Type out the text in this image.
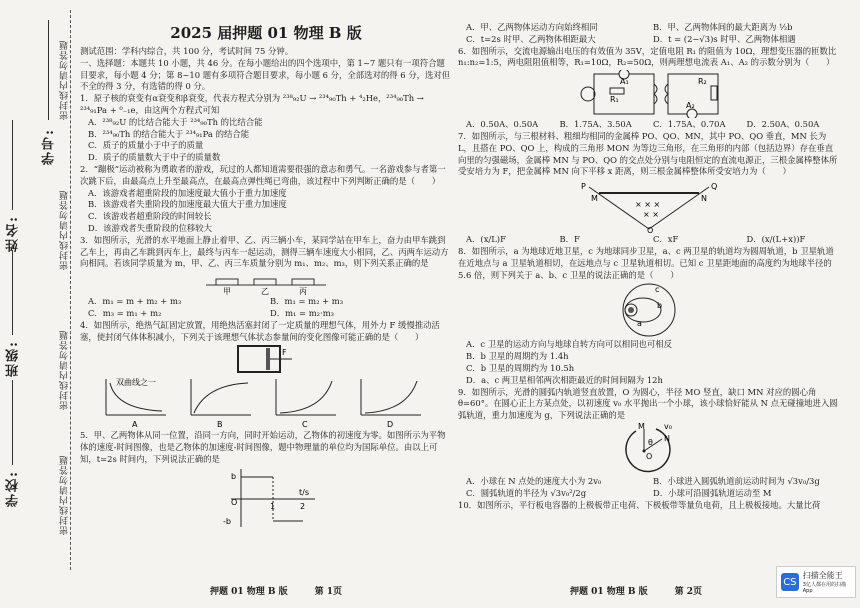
学校:
班级:
姓名:
学号:
密封线内请勿答题
密封线内请勿答题
密封线内请勿答题
密封线内请勿答题
2025 届押题 01 物理 B 版

测试范围：学科内综合，共 100 分，考试时间 75 分钟。

一、选择题：本题共 10 小题，共 46 分。在每小题给出的四个选项中，第 1~7 题只有一项符合题目要求，每小题 4 分；第 8~10 题有多项符合题目要求，每小题 6 分，全部选对的得 6 分，选对但不全的得 3 分，有选错的得 0 分。

1．原子核的衰变有α衰变和β衰变，代表方程式分别为 ²³⁸₉₂U → ²³⁴₉₀Th + ⁴₂He，²³⁴₉₀Th → ²³⁴₉₁Pa + ⁰₋₁e，由这两个方程式可知

A．²³⁸₉₂U 的比结合能大于 ²³⁴₉₀Th 的比结合能
B．²³⁴₉₀Th 的结合能大于 ²³⁴₉₁Pa 的结合能
C．质子的质量小于中子的质量
D．质子的质量数大于中子的质量数

2．“蹦极”运动被称为勇敢者的游戏，玩过的人都知道需要很强的意志和勇气。一名游戏参与者第一次跳下后，由最高点上升至最高点，在最高点弹性绳已弯曲，该过程中下列判断正确的是（　　）

A．该游戏者超重阶段的加速度最大值小于重力加速度
B．该游戏者失重阶段的加速度最大值大于重力加速度
C．该游戏者超重阶段的时间较长
D．该游戏者失重阶段的位移较大

3．如图所示，光滑的水平地面上静止着甲、乙、丙三辆小车，某同学站在甲车上，奋力由甲车跳到乙车上，再由乙车跳到丙车上，最终与丙车一起运动，测得三辆车速度大小相同，乙、丙两车运动方向相同。若该同学质量为 m，甲、乙、丙三车质量分别为 m₁、m₂、m₃，则下列关系正确的是

甲	乙	丙
A．m₁ = m + m₂ + m₃	B．m₁ = m₂ + m₃
C．m₃ = m₁ + m₂	D．m₁ = m₂·m₃

4．如图所示，绝热气缸固定放置，用绝热活塞封闭了一定质量的理想气体，用外力 F 缓慢推动活塞，使封闭气体体积减小，下列关于该理想气体状态参量间的变化图像可能正确的是（　　）

F
双曲线之一
A	B	C	D

5．甲、乙两物体从同一位置，沿同一方向，同时开始运动，乙物体的初速度为零。如图所示为平物体的速度-时间图像，也是乙物体的加速度-时间图像，题中物理量的单位均为国际单位。由以上可知，t=2s 时间内，下列说法正确的是

b
O
-b
1	2
t/s
押题 01 物理 B 版　　　第 1页
A．甲、乙两物体运动方向始终相同	B．甲、乙两物体间的最大距离为 ½b
C．t=2s 时甲、乙两物体相距最大	D．t = (2−√3)s 时甲、乙两物体相遇

6．如图所示，交流电源输出电压的有效值为 35V，定值电阻 R₁ 的阻值为 10Ω，理想变压器的匝数比 n₁:n₂=1:5，两电阻阻值相等，R₁=10Ω，R₂=50Ω，则两理想电流表 A₁、A₂ 的示数分别为（　　）

A₁
R₁
A₂
R₂
A．0.50A、0.50A	B．1.75A、3.50A	C．1.75A、0.70A	D．2.50A、0.50A

7．如图所示，与三根材料、粗细均相同的金属棒 PO、QO、MN，其中 PO、QO 垂直，MN 长为 L，且搭在 PO、QO 上，构成的三角形 MON 为等边三角形，在三角形的内部（包括边界）存在垂直向里的匀强磁场，金属棒 MN 与 PO、QO 的交点处分别与电阻恒定的直流电源正，三根金属棒整体所受安培力为 F，把金属棒 MN 向下平移 x 距离，则三根金属棒整体所受安培力为（　　）

P	Q
M	N
O
× × ×
× ×
A．(x/L)F	B．F	C．xF	D．(x/(L+x))F

8．如图所示，a 为地球近地卫星，c 为地球同步卫星，a、c 两卫星的轨道均为圆周轨道，b 卫星轨道在近地点与 a 卫星轨道相切，在远地点与 c 卫星轨道相切。已知 c 卫星距地面的高度约为地球半径的 5.6 倍，则下列关于 a、b、c 卫星的说法正确的是（　　）

c
b
a
A．c 卫星的运动方向与地球自转方向可以相同也可相反
B．b 卫星的周期约为 1.4h
C．b 卫星的周期约为 10.5h
D．a、c 两卫星相邻两次相距最近的时间间隔为 12h

9．如图所示，光滑的圆弧内轨道竖直放置，O 为圆心，半径 MO 竖直，缺口 MN 对应的圆心角θ=60°。在圆心正上方某点处，以初速度 v₀ 水平抛出一个小球，该小球恰好能从 N 点无碰撞地进入圆弧轨道，重力加速度为 g，下列说法正确的是

v₀
M
N
O
θ
A．小球在 N 点处的速度大小为 2v₀	B．小球进入圆弧轨道前运动时间为 √3v₀/3g
C．圆弧轨道的半径为 √3v₀²/2g	D．小球可沿圆弧轨道运动至 M

10．如图所示，平行板电容器的上极板带正电荷、下极板带等量负电荷，且上极板接地。大量比荷

押题 01 物理 B 版　　　第 2页
CS
扫描全能王
3亿人都在用的扫描App
